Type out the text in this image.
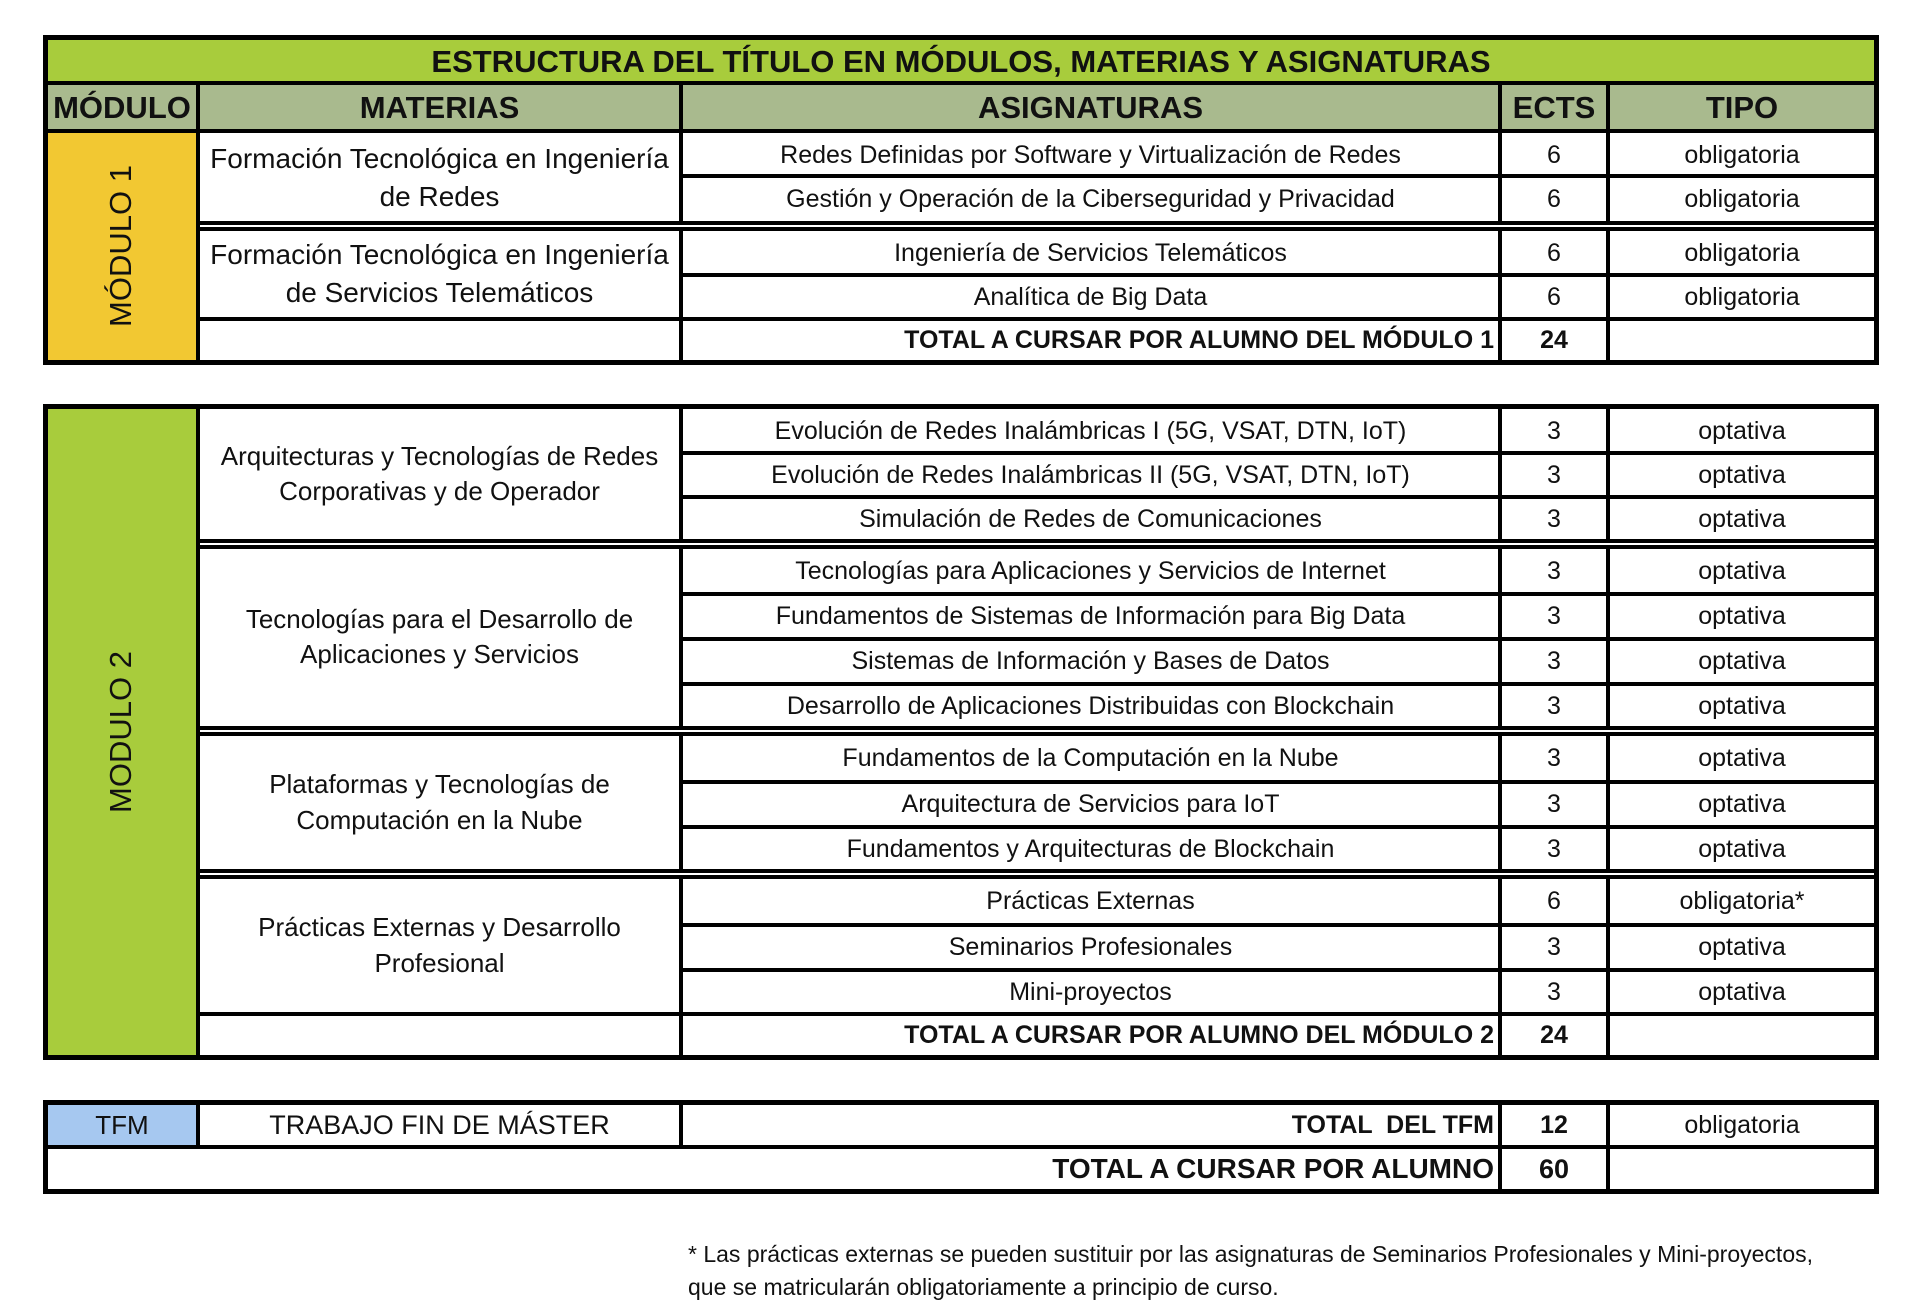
ESTRUCTURA DEL TÍTULO EN MÓDULOS, MATERIAS Y ASIGNATURAS
MÓDULO	MATERIAS	ASIGNATURAS	ECTS	TIPO
MÓDULO 1
Formación Tecnológica en Ingeniería de Redes
Redes Definidas por Software y Virtualización de Redes	6	obligatoria
Gestión y Operación de la Ciberseguridad y Privacidad	6	obligatoria
Formación Tecnológica en Ingeniería de Servicios Telemáticos
Ingeniería de Servicios Telemáticos	6	obligatoria
Analítica de Big Data	6	obligatoria
TOTAL A CURSAR POR ALUMNO DEL MÓDULO 1	24
MODULO 2
Arquitecturas y Tecnologías de Redes Corporativas y de Operador
Evolución de Redes Inalámbricas I (5G, VSAT, DTN, IoT)	3	optativa
Evolución de Redes Inalámbricas II (5G, VSAT, DTN, IoT)	3	optativa
Simulación de Redes de Comunicaciones	3	optativa
Tecnologías para el Desarrollo de Aplicaciones y Servicios
Tecnologías para Aplicaciones y Servicios de Internet	3	optativa
Fundamentos de Sistemas de Información para Big Data	3	optativa
Sistemas de Información y Bases de Datos	3	optativa
Desarrollo de Aplicaciones Distribuidas con Blockchain	3	optativa
Plataformas y Tecnologías de Computación en la Nube
Fundamentos de la Computación en la Nube	3	optativa
Arquitectura de Servicios para IoT	3	optativa
Fundamentos y Arquitecturas de Blockchain	3	optativa
Prácticas Externas y Desarrollo Profesional
Prácticas Externas	6	obligatoria*
Seminarios Profesionales	3	optativa
Mini-proyectos	3	optativa
TOTAL A CURSAR POR ALUMNO DEL MÓDULO 2	24
TFM	TRABAJO FIN DE MÁSTER	TOTAL  DEL TFM	12	obligatoria
TOTAL A CURSAR POR ALUMNO	60
* Las prácticas externas se pueden sustituir por las asignaturas de Seminarios Profesionales y Mini-proyectos, que se matricularán obligatoriamente a principio de curso.
